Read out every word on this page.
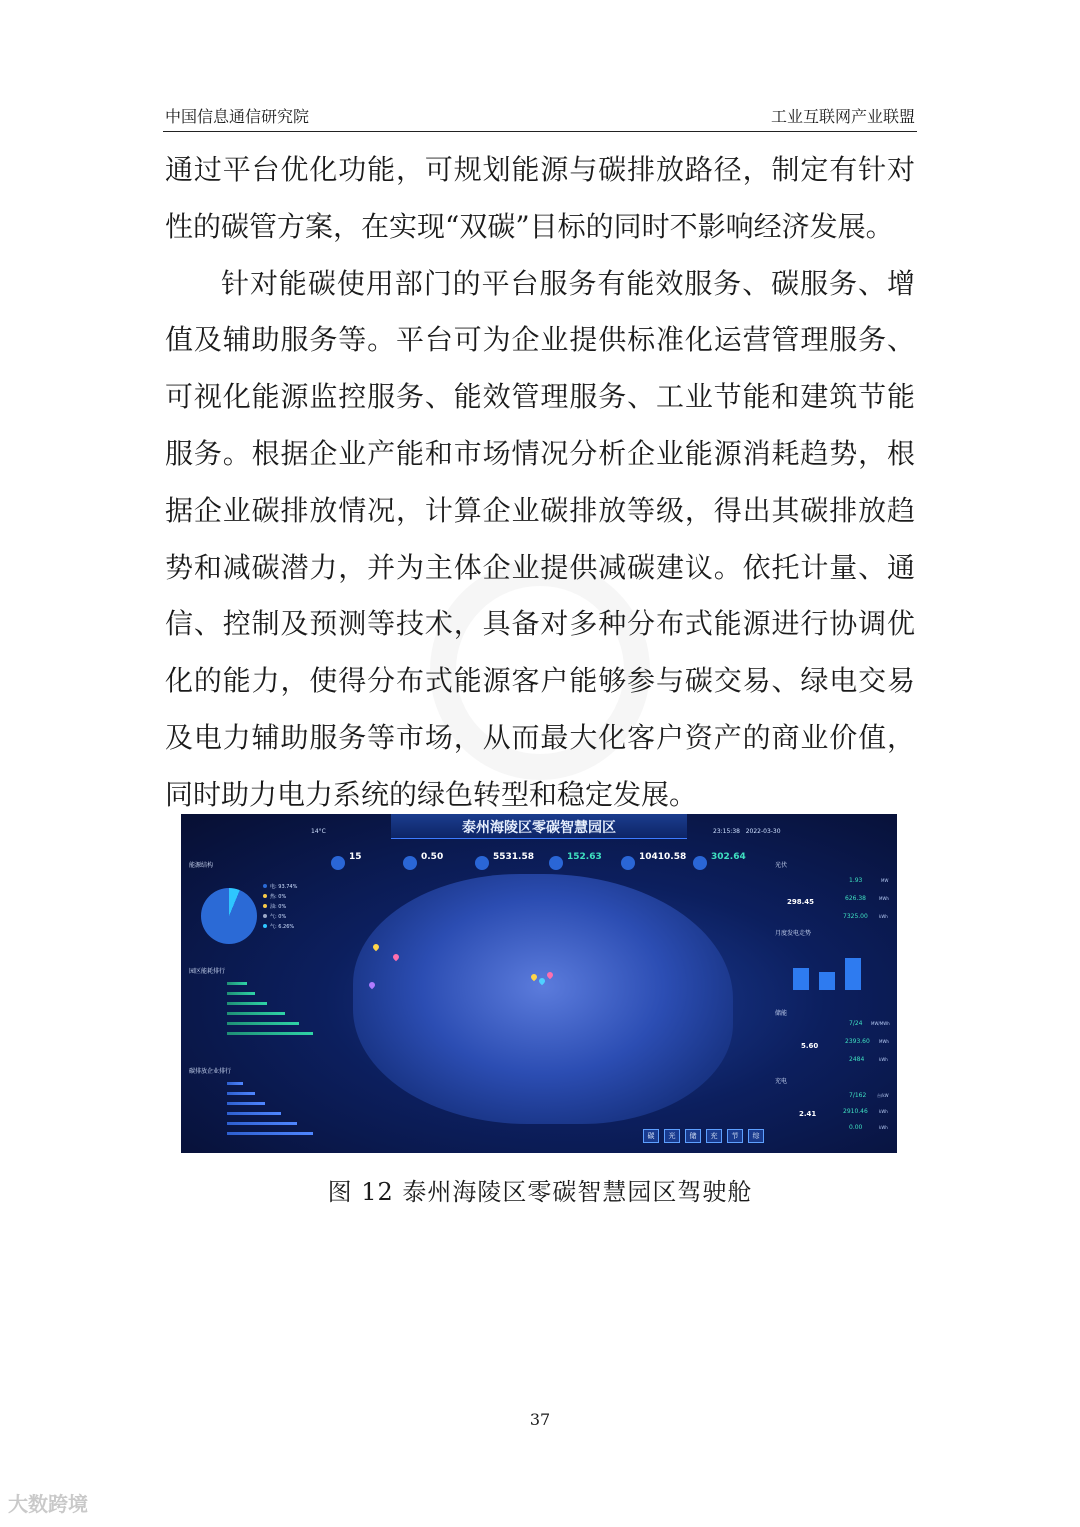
中国信息通信研究院	工业互联网产业联盟

通过平台优化功能，可规划能源与碳排放路径，制定有针对

性的碳管方案，在实现“双碳”目标的同时不影响经济发展。

针对能碳使用部门的平台服务有能效服务、碳服务、增

值及辅助服务等。平台可为企业提供标准化运营管理服务、

可视化能源监控服务、能效管理服务、工业节能和建筑节能

服务。根据企业产能和市场情况分析企业能源消耗趋势，根

据企业碳排放情况，计算企业碳排放等级，得出其碳排放趋

势和减碳潜力，并为主体企业提供减碳建议。依托计量、通

信、控制及预测等技术，具备对多种分布式能源进行协调优

化的能力，使得分布式能源客户能够参与碳交易、绿电交易

及电力辅助服务等市场，从而最大化客户资产的商业价值，

同时助力电力系统的绿色转型和稳定发展。

14°C	泰州海陵区零碳智慧园区	23:15:38 2022-03-30
15	0.50	5531.58	152.63	10410.58	302.64
能源结构
电: 93.74%
热: 0%
油: 0%
气: 0%
气: 6.26%
园区能耗排行
碳排放企业排行
光伏
298.45
1.93
626.38
7325.00
MW
MWh
kWh
月度发电走势
储能
5.60
7/24
2393.60
2484
MW/MWh
MWh
kWh
充电
2.41
7/162
2910.46
0.00
台/kW
kWh
kWh
碳 光 储 充 节 综
图 12 泰州海陵区零碳智慧园区驾驶舱
37
大数跨境
